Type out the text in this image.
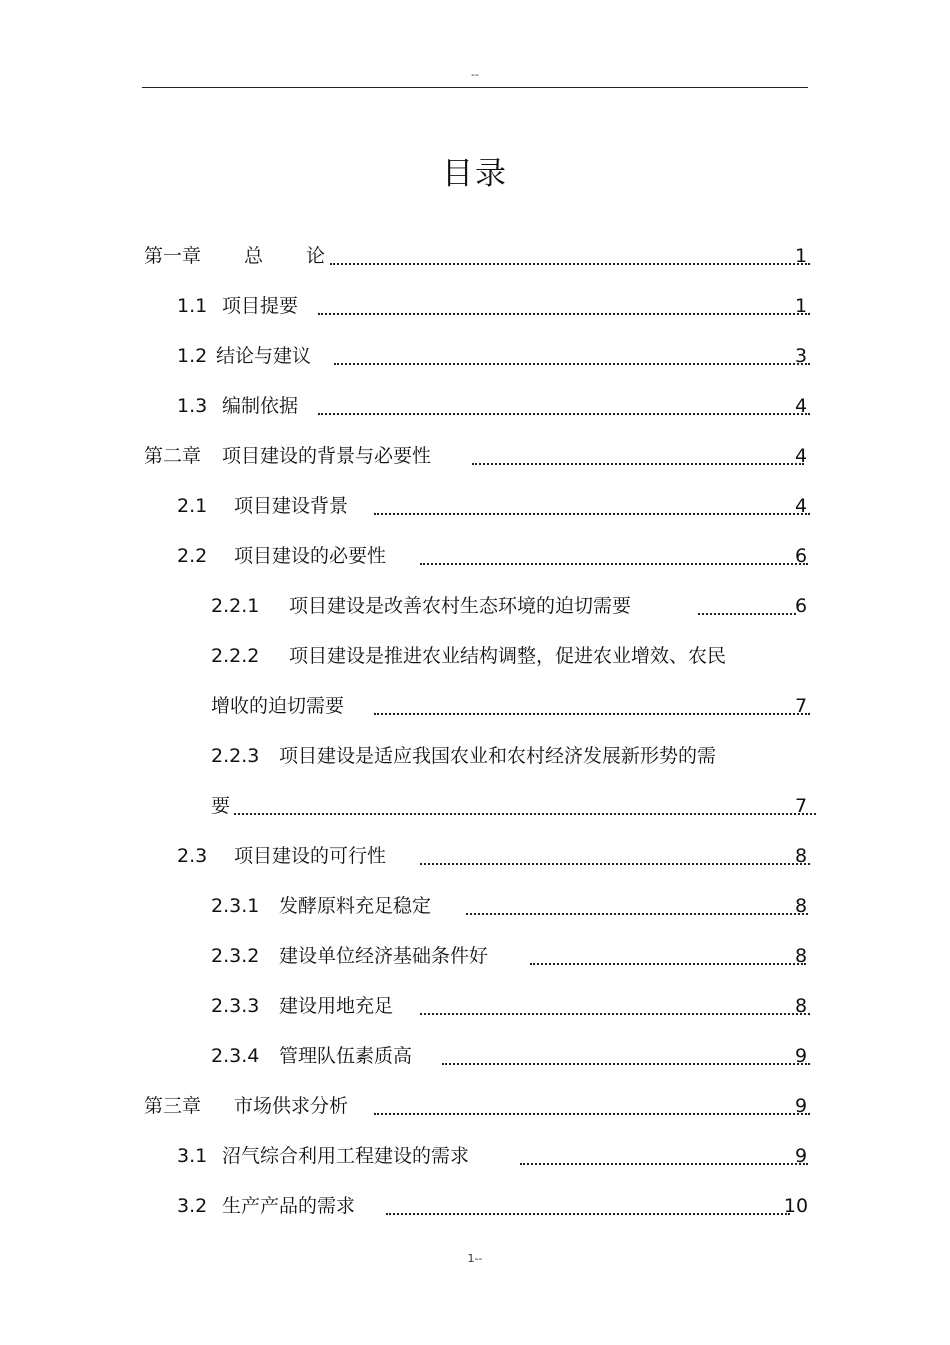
--
目录
第一章 总　论	1
1.1 项目提要	1
1.2 结论与建议	3
1.3 编制依据	4
第二章 项目建设的背景与必要性	4
2.1 项目建设背景	4
2.2 项目建设的必要性	6
2.2.1 项目建设是改善农村生态环境的迫切需要	6
2.2.2 项目建设是推进农业结构调整，促进农业增效、农民
增收的迫切需要	7
2.2.3 项目建设是适应我国农业和农村经济发展新形势的需
要	7
2.3 项目建设的可行性	8
2.3.1 发酵原料充足稳定	8
2.3.2 建设单位经济基础条件好	8
2.3.3 建设用地充足	8
2.3.4 管理队伍素质高	9
第三章 市场供求分析	9
3.1 沼气综合利用工程建设的需求	9
3.2 生产产品的需求	10
1--
